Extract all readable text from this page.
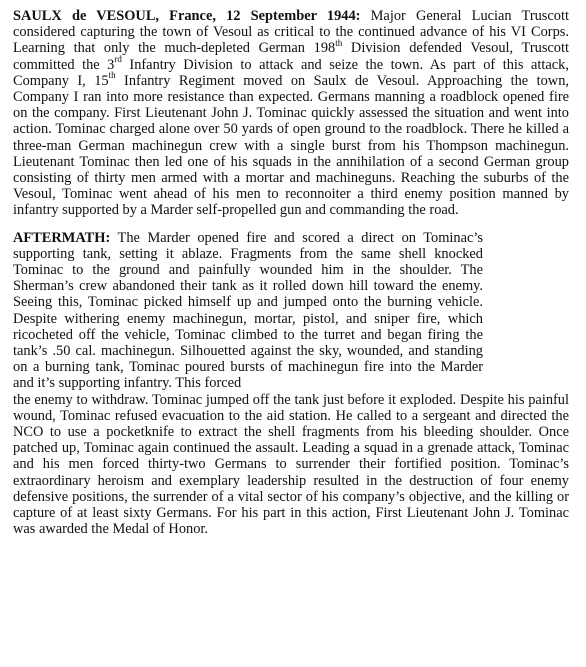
SAULX de VESOUL, France, 12 September 1944: Major General Lucian Truscott considered capturing the town of Vesoul as critical to the continued advance of his VI Corps. Learning that only the much-depleted German 198th Division defended Vesoul, Truscott committed the 3rd Infantry Division to attack and seize the town. As part of this attack, Company I, 15th Infantry Regiment moved on Saulx de Vesoul. Approaching the town, Company I ran into more resistance than expected. Germans manning a roadblock opened fire on the company. First Lieutenant John J. Tominac quickly assessed the situation and went into action. Tominac charged alone over 50 yards of open ground to the roadblock. There he killed a three-man German machinegun crew with a single burst from his Thompson machinegun. Lieutenant Tominac then led one of his squads in the annihilation of a second German group consisting of thirty men armed with a mortar and machineguns. Reaching the suburbs of the Vesoul, Tominac went ahead of his men to reconnoiter a third enemy position manned by infantry supported by a Marder self-propelled gun and commanding the road.

AFTERMATH: The Marder opened fire and scored a direct on Tominac’s supporting tank, setting it ablaze. Fragments from the same shell knocked Tominac to the ground and painfully wounded him in the shoulder. The Sherman’s crew abandoned their tank as it rolled down hill toward the enemy. Seeing this, Tominac picked himself up and jumped onto the burning vehicle. Despite withering enemy machinegun, mortar, pistol, and sniper fire, which ricocheted off the vehicle, Tominac climbed to the turret and began firing the tank’s .50 cal. machinegun. Silhouetted against the sky, wounded, and standing on a burning tank, Tominac poured bursts of machinegun fire into the Marder and it’s supporting infantry. This forced

the enemy to withdraw. Tominac jumped off the tank just before it exploded. Despite his painful wound, Tominac refused evacuation to the aid station. He called to a sergeant and directed the NCO to use a pocketknife to extract the shell fragments from his bleeding shoulder. Once patched up, Tominac again continued the assault. Leading a squad in a grenade attack, Tominac and his men forced thirty-two Germans to surrender their fortified position. Tominac’s extraordinary heroism and exemplary leadership resulted in the destruction of four enemy defensive positions, the surrender of a vital sector of his company’s objective, and the killing or capture of at least sixty Germans. For his part in this action, First Lieutenant John J. Tominac was awarded the Medal of Honor.
